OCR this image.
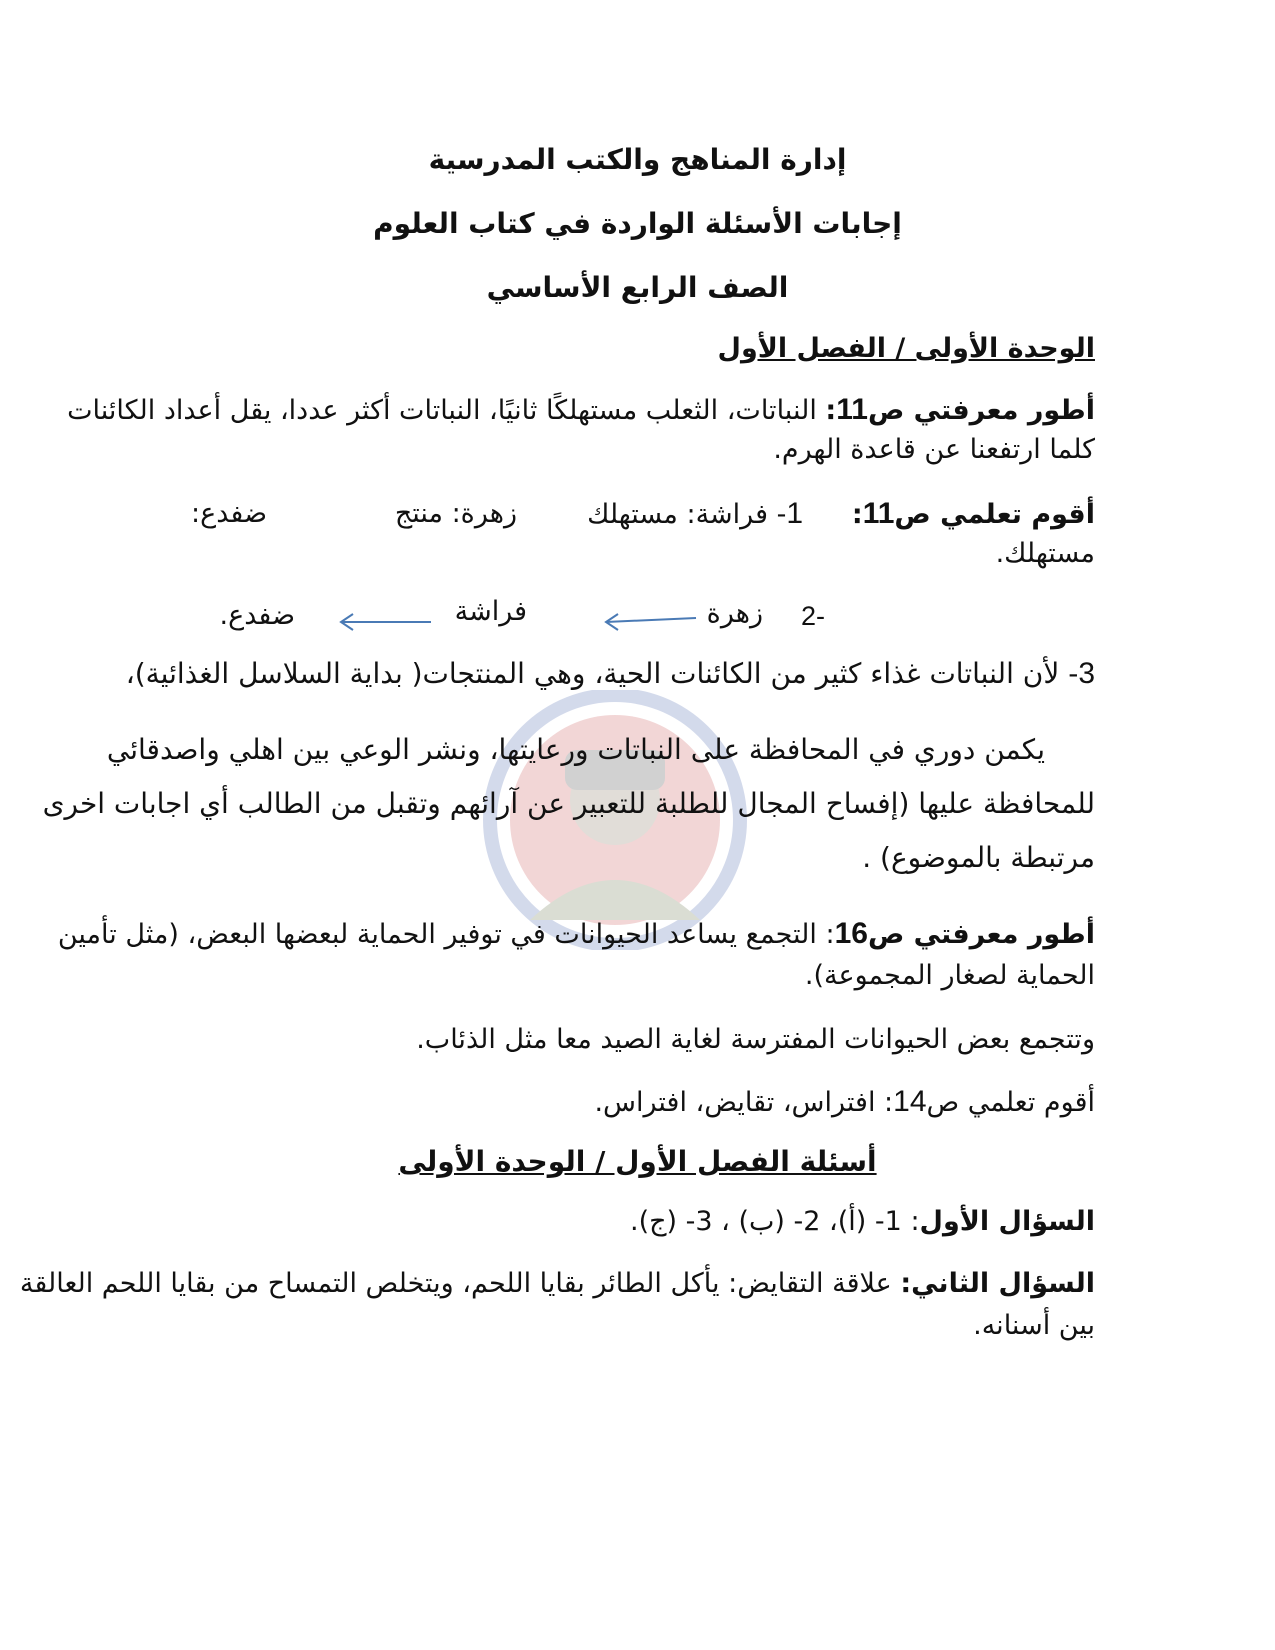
إدارة المناهج والكتب المدرسية
إجابات الأسئلة الواردة في كتاب العلوم
الصف الرابع الأساسي
الوحدة الأولى / الفصل الأول
أطور معرفتي ص11: النباتات، الثعلب مستهلكًا ثانيًا، النباتات أكثر عددا، يقل أعداد الكائنات
كلما ارتفعنا عن قاعدة الهرم.
أقوم تعلمي ص11:
1- فراشة: مستهلك
زهرة: منتج
ضفدع:
مستهلك.
2-
زهرة
فراشة
ضفدع.
3- لأن النباتات غذاء كثير من الكائنات الحية، وهي المنتجات( بداية السلاسل الغذائية)،
يكمن دوري في المحافظة على النباتات ورعايتها، ونشر الوعي بين اهلي واصدقائي
للمحافظة عليها (إفساح المجال للطلبة للتعبير عن آرائهم وتقبل من الطالب أي اجابات اخرى
مرتبطة بالموضوع) .
أطور معرفتي ص16: التجمع يساعد الحيوانات في توفير الحماية لبعضها البعض، (مثل تأمين
الحماية لصغار المجموعة).
وتتجمع بعض الحيوانات المفترسة لغاية الصيد معا مثل الذئاب.
أقوم تعلمي ص14: افتراس، تقايض، افتراس.
أسئلة الفصل الأول / الوحدة الأولى
السؤال الأول: 1- (أ)، 2- (ب) ، 3- (ج).
السؤال الثاني: علاقة التقايض: يأكل الطائر بقايا اللحم، ويتخلص التمساح من بقايا اللحم العالقة
بين أسنانه.
